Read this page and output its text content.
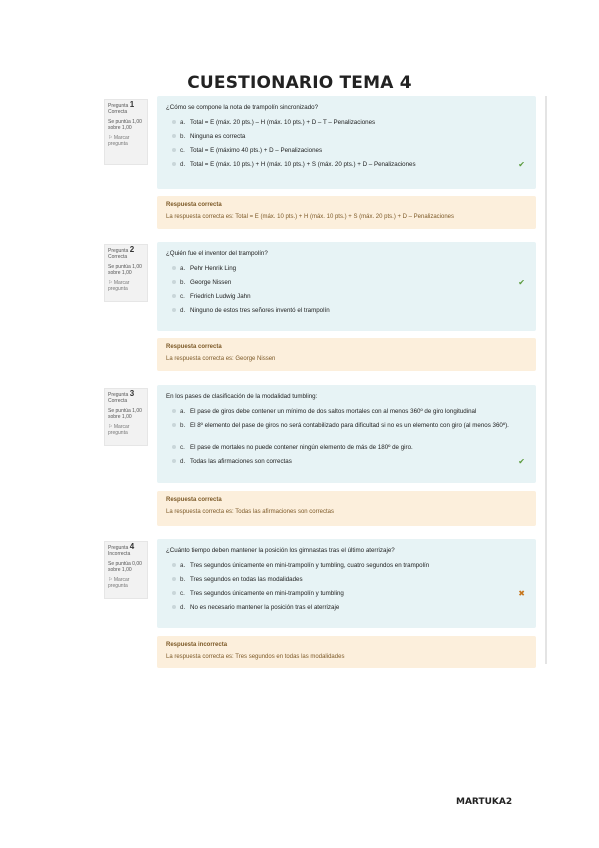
CUESTIONARIO TEMA 4
Pregunta 1
Correcta
Se puntúa 1,00 sobre 1,00
⚐ Marcar pregunta
¿Cómo se compone la nota de trampolín sincronizado?
a. Total = E (máx. 20 pts.) – H (máx. 10 pts.) + D – T – Penalizaciones
b. Ninguna es correcta
c. Total = E (máximo 40 pts.) + D – Penalizaciones
d. Total = E (máx. 10 pts.) + H (máx. 10 pts.) + S (máx. 20 pts.) + D – Penalizaciones	✔
Respuesta correcta
La respuesta correcta es: Total = E (máx. 10 pts.) + H (máx. 10 pts.) + S (máx. 20 pts.) + D – Penalizaciones
Pregunta 2
Correcta
Se puntúa 1,00 sobre 1,00
⚐ Marcar pregunta
¿Quién fue el inventor del trampolín?
a. Pehr Henrik Ling
b. George Nissen	✔
c. Friedrich Ludwig Jahn
d. Ninguno de estos tres señores inventó el trampolín
Respuesta correcta
La respuesta correcta es: George Nissen
Pregunta 3
Correcta
Se puntúa 1,00 sobre 1,00
⚐ Marcar pregunta
En los pases de clasificación de la modalidad tumbling:
a. El pase de giros debe contener un mínimo de dos saltos mortales con al menos 360º de giro longitudinal
b. El 8º elemento del pase de giros no será contabilizado para dificultad si no es un elemento con giro (al menos 360º).
c. El pase de mortales no puede contener ningún elemento de más de 180º de giro.
d. Todas las afirmaciones son correctas	✔
Respuesta correcta
La respuesta correcta es: Todas las afirmaciones son correctas
Pregunta 4
Incorrecta
Se puntúa 0,00 sobre 1,00
⚐ Marcar pregunta
¿Cuánto tiempo deben mantener la posición los gimnastas tras el último aterrizaje?
a. Tres segundos únicamente en mini-trampolín y tumbling, cuatro segundos en trampolín
b. Tres segundos en todas las modalidades
c. Tres segundos únicamente en mini-trampolín y tumbling	✖
d. No es necesario mantener la posición tras el aterrizaje
Respuesta incorrecta
La respuesta correcta es: Tres segundos en todas las modalidades
MARTUKA2
